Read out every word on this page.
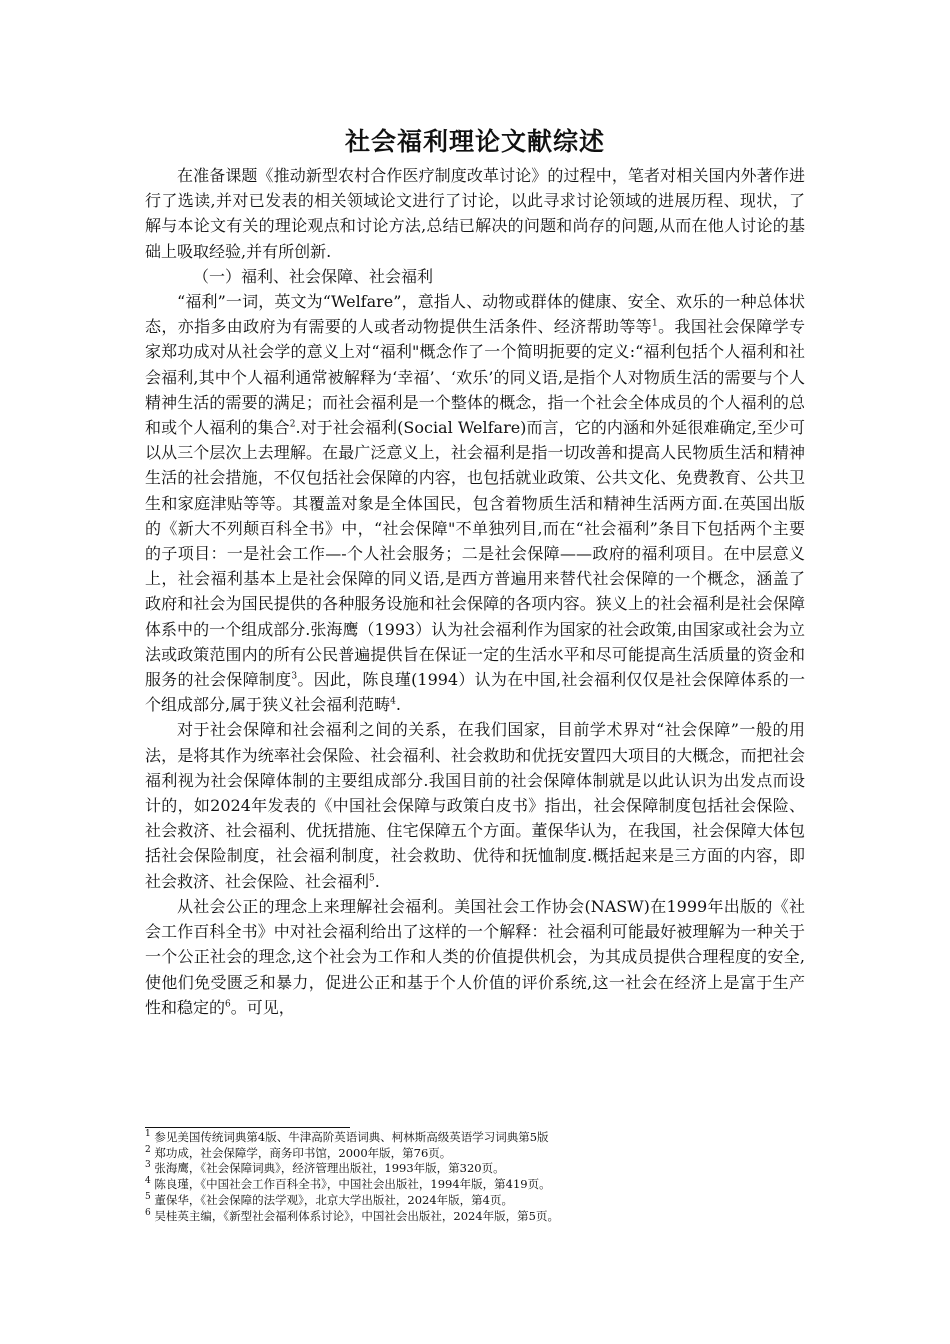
社会福利理论文献综述

在准备课题《推动新型农村合作医疗制度改革讨论》的过程中，笔者对相关国内外著作进行了选读,并对已发表的相关领域论文进行了讨论，以此寻求讨论领域的进展历程、现状，了解与本论文有关的理论观点和讨论方法,总结已解决的问题和尚存的问题,从而在他人讨论的基础上吸取经验,并有所创新.

（一）福利、社会保障、社会福利

“福利”一词，英文为“Welfare”，意指人、动物或群体的健康、安全、欢乐的一种总体状态，亦指多由政府为有需要的人或者动物提供生活条件、经济帮助等等$^1$。我国社会保障学专家郑功成对从社会学的意义上对“福利"概念作了一个简明扼要的定义:“福利包括个人福利和社会福利,其中个人福利通常被解释为‘幸福’、‘欢乐’的同义语,是指个人对物质生活的需要与个人精神生活的需要的满足；而社会福利是一个整体的概念，指一个社会全体成员的个人福利的总和或个人福利的集合$^2$.对于社会福利(Social Welfare)而言，它的内涵和外延很难确定,至少可以从三个层次上去理解。在最广泛意义上，社会福利是指一切改善和提高人民物质生活和精神生活的社会措施，不仅包括社会保障的内容，也包括就业政策、公共文化、免费教育、公共卫生和家庭津贴等等。其覆盖对象是全体国民，包含着物质生活和精神生活两方面.在英国出版的《新大不列颠百科全书》中，“社会保障"不单独列目,而在“社会福利”条目下包括两个主要的子项目：一是社会工作—-个人社会服务；二是社会保障——政府的福利项目。在中层意义上，社会福利基本上是社会保障的同义语,是西方普遍用来替代社会保障的一个概念，涵盖了政府和社会为国民提供的各种服务设施和社会保障的各项内容。狭义上的社会福利是社会保障体系中的一个组成部分.张海鹰（1993）认为社会福利作为国家的社会政策,由国家或社会为立法或政策范围内的所有公民普遍提供旨在保证一定的生活水平和尽可能提高生活质量的资金和服务的社会保障制度$^3$。因此，陈良瑾(1994）认为在中国,社会福利仅仅是社会保障体系的一个组成部分,属于狭义社会福利范畴$^4$.

对于社会保障和社会福利之间的关系，在我们国家，目前学术界对“社会保障”一般的用法，是将其作为统率社会保险、社会福利、社会救助和优抚安置四大项目的大概念，而把社会福利视为社会保障体制的主要组成部分.我国目前的社会保障体制就是以此认识为出发点而设计的，如2024年发表的《中国社会保障与政策白皮书》指出，社会保障制度包括社会保险、社会救济、社会福利、优抚措施、住宅保障五个方面。董保华认为，在我国，社会保障大体包括社会保险制度，社会福利制度，社会救助、优待和抚恤制度.概括起来是三方面的内容，即社会救济、社会保险、社会福利$^5$.

从社会公正的理念上来理解社会福利。美国社会工作协会(NASW)在1999年出版的《社会工作百科全书》中对社会福利给出了这样的一个解释：社会福利可能最好被理解为一种关于一个公正社会的理念,这个社会为工作和人类的价值提供机会，为其成员提供合理程度的安全,使他们免受匮乏和暴力，促进公正和基于个人价值的评价系统,这一社会在经济上是富于生产性和稳定的$^6$。可见，

$^1$ 参见美国传统词典第4版、牛津高阶英语词典、柯林斯高级英语学习词典第5版
$^2$ 郑功成，社会保障学，商务印书馆，2000年版，第76页。
$^3$ 张海鹰，《社会保障词典》，经济管理出版社，1993年版，第320页。
$^4$ 陈良瑾，《中国社会工作百科全书》，中国社会出版社，1994年版，第419页。
$^5$ 董保华，《社会保障的法学观》，北京大学出版社，2024年版，第4页。
$^6$ 吴桂英主编，《新型社会福利体系讨论》，中国社会出版社，2024年版，第5页。
